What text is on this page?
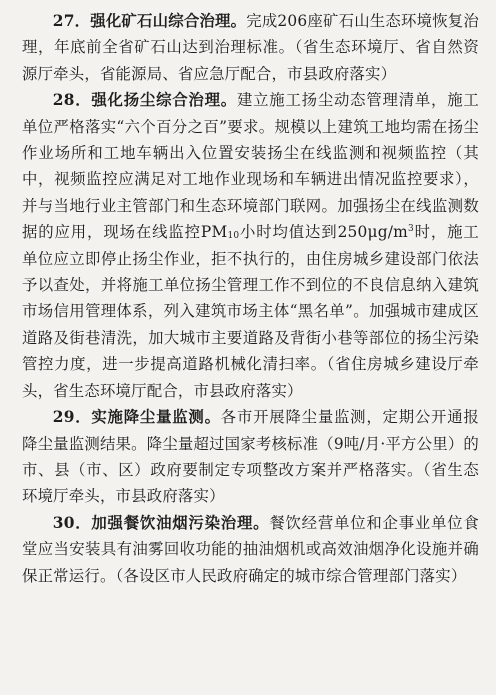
27．强化矿石山综合治理。完成206座矿石山生态环境恢复治理，年底前全省矿石山达到治理标准。（省生态环境厅、省自然资源厅牵头，省能源局、省应急厅配合，市县政府落实）

28．强化扬尘综合治理。建立施工扬尘动态管理清单，施工单位严格落实“六个百分之百”要求。规模以上建筑工地均需在扬尘作业场所和工地车辆出入位置安装扬尘在线监测和视频监控（其中，视频监控应满足对工地作业现场和车辆进出情况监控要求），并与当地行业主管部门和生态环境部门联网。加强扬尘在线监测数据的应用，现场在线监控$PM_{10}$小时均值达到$250\mu g/m^3$时，施工单位应立即停止扬尘作业，拒不执行的，由住房城乡建设部门依法予以查处，并将施工单位扬尘管理工作不到位的不良信息纳入建筑市场信用管理体系，列入建筑市场主体“黑名单”。加强城市建成区道路及街巷清洗，加大城市主要道路及背街小巷等部位的扬尘污染管控力度，进一步提高道路机械化清扫率。（省住房城乡建设厅牵头，省生态环境厅配合，市县政府落实）

29．实施降尘量监测。各市开展降尘量监测，定期公开通报降尘量监测结果。降尘量超过国家考核标准（9吨/月·平方公里）的市、县（市、区）政府要制定专项整改方案并严格落实。（省生态环境厅牵头，市县政府落实）

30．加强餐饮油烟污染治理。餐饮经营单位和企事业单位食堂应当安装具有油雾回收功能的抽油烟机或高效油烟净化设施并确保正常运行。（各设区市人民政府确定的城市综合管理部门落实）
